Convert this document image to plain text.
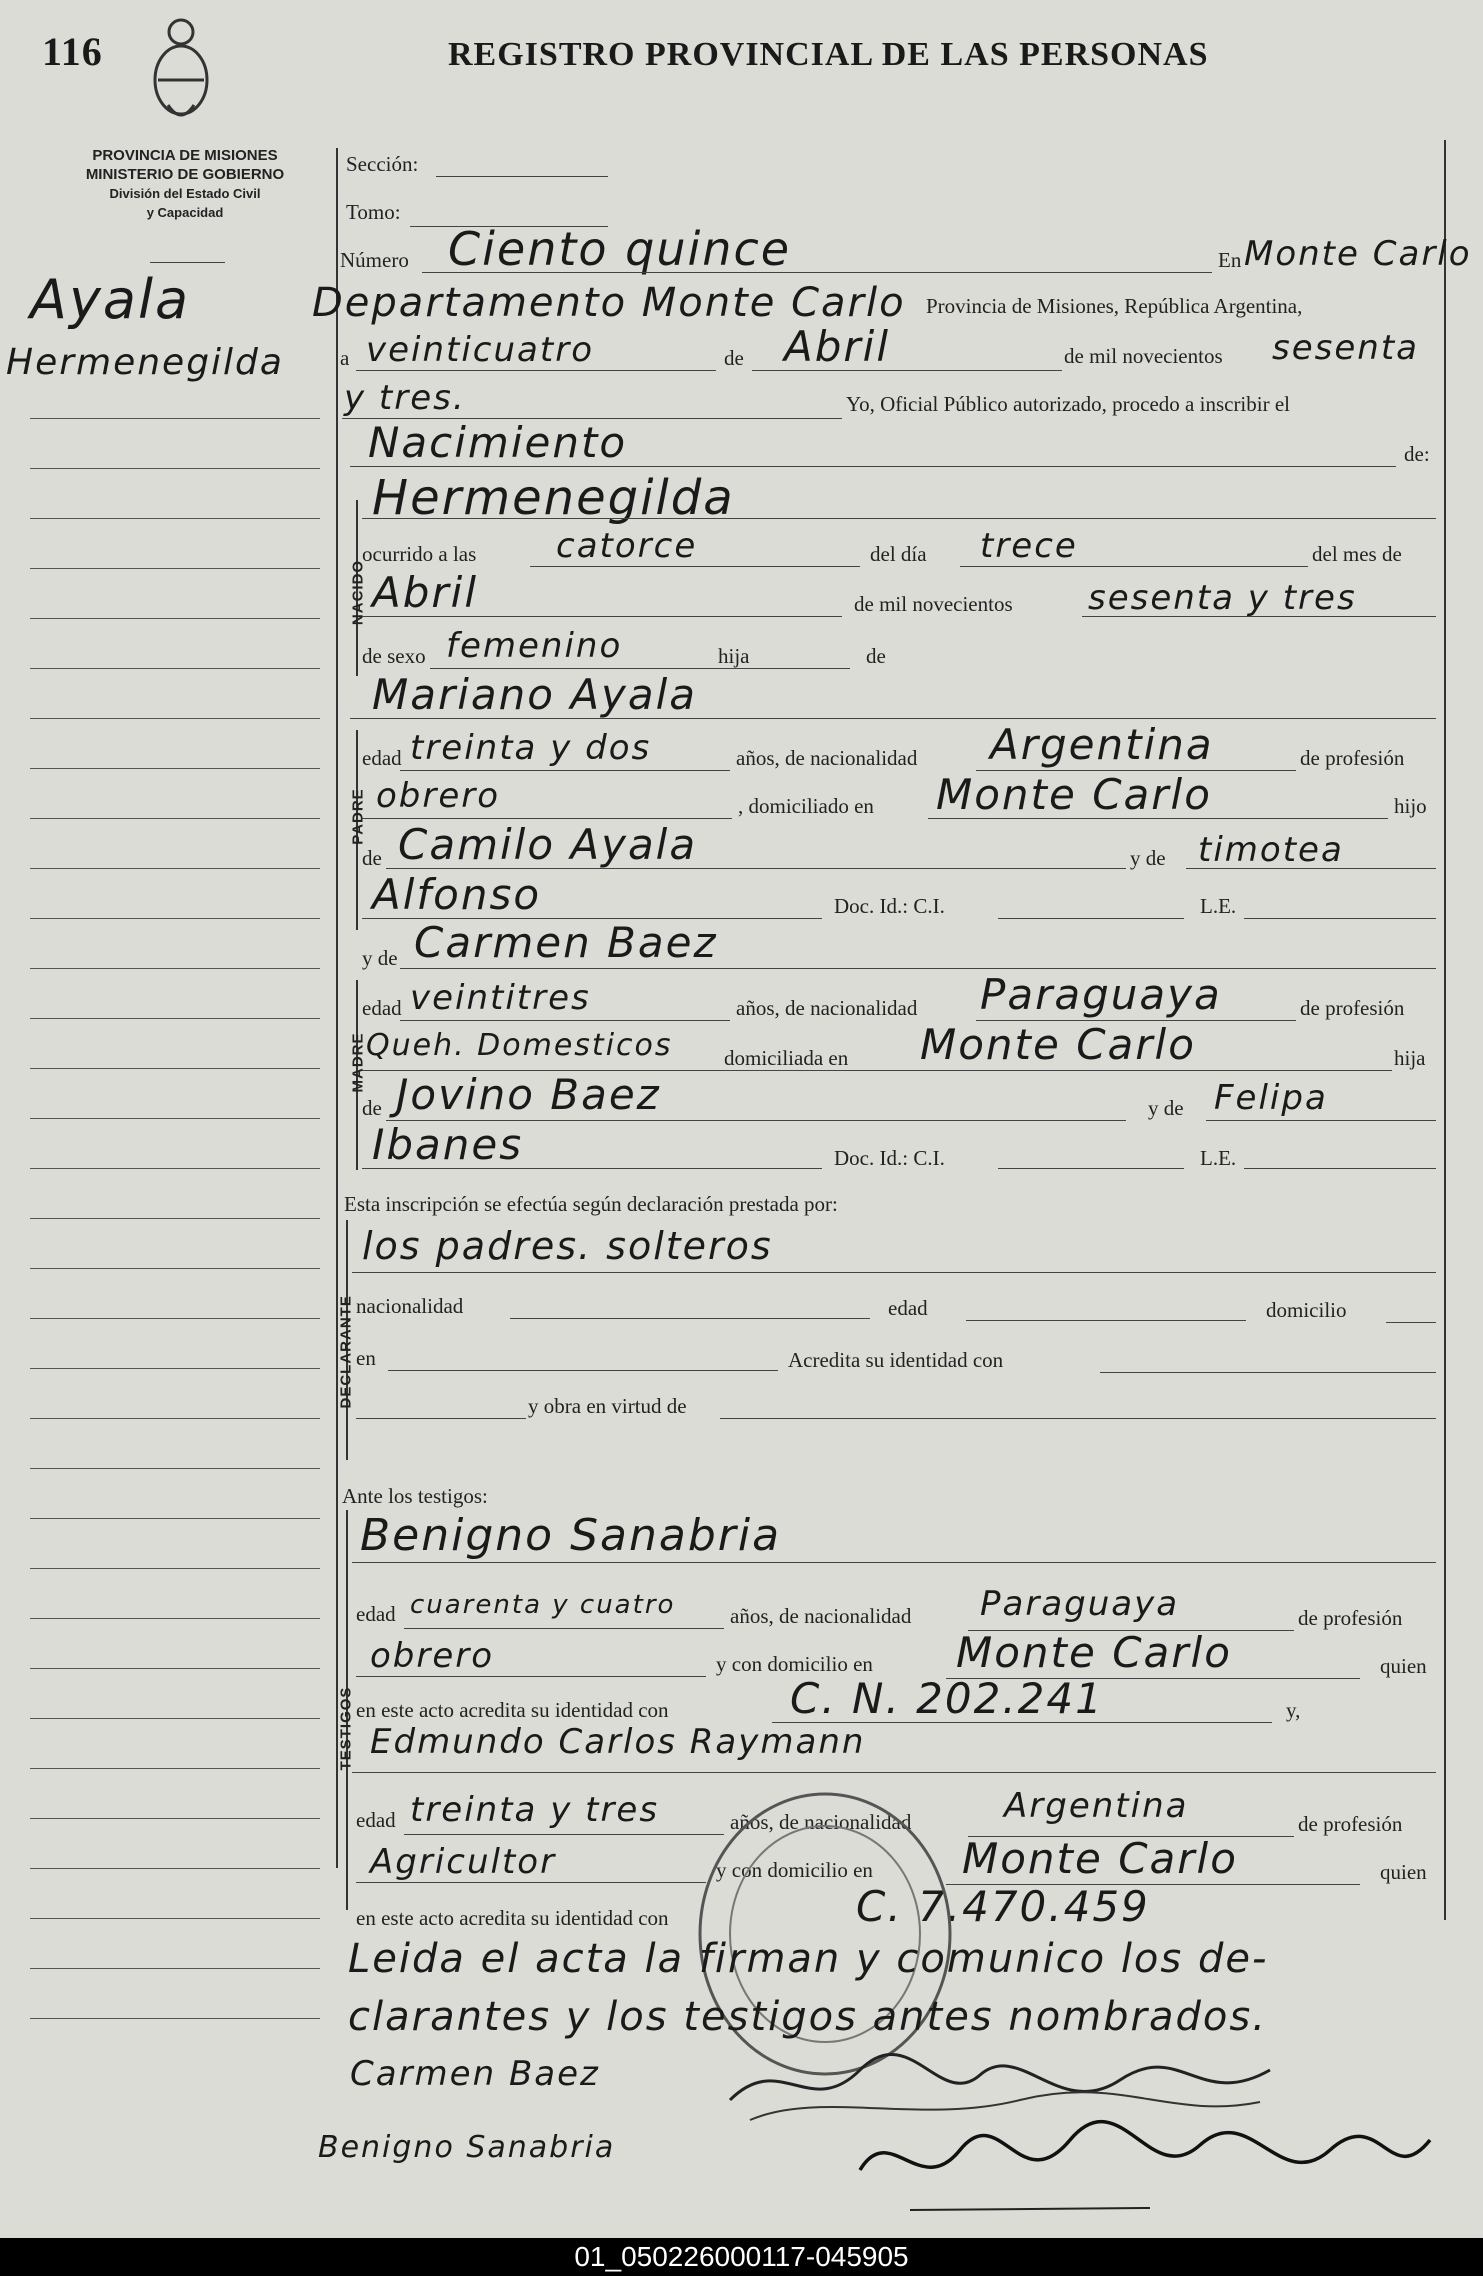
116	REGISTRO PROVINCIAL DE LAS PERSONAS
PROVINCIA DE MISIONES
MINISTERIO DE GOBIERNO
División del Estado Civil
y Capacidad
Ayala
Hermenegilda
Sección:
Tomo:
Número Ciento quince	En Monte Carlo
Departamento Monte Carlo Provincia de Misiones, República Argentina,
a veinticuatro	de Abril	de mil novecientos sesenta
y tres.	Yo, Oficial Público autorizado, procedo a inscribir el
Nacimiento	de:
NACIDO
Hermenegilda
ocurrido a las catorce	del día trece	del mes de
Abril	de mil novecientos sesenta y tres
de sexo femenino	hija	de
Mariano Ayala
PADRE
edad treinta y dos	años, de nacionalidad Argentina	de profesión
obrero	, domiciliado en Monte Carlo	hijo
de Camilo Ayala	y de timotea
Alfonso	Doc. Id.: C.I.	L.E.
y de Carmen Baez
MADRE
edad veintitres	años, de nacionalidad Paraguaya	de profesión
Queh. Domesticos domiciliada en Monte Carlo	hija
de Jovino Baez	y de Felipa
Ibanes	Doc. Id.: C.I.	L.E.
Esta inscripción se efectúa según declaración prestada por:
DECLARANTE
los padres. solteros
nacionalidad	edad	domicilio
en	Acredita su identidad con
y obra en virtud de
Ante los testigos:
TESTIGOS
Benigno Sanabria
edad cuarenta y cuatro	años, de nacionalidad Paraguaya	de profesión
obrero	y con domicilio en Monte Carlo	quien
en este acto acredita su identidad con	C. N. 202.241	y,
Edmundo Carlos Raymann
edad treinta y tres	años, de nacionalidad	Argentina	de profesión
Agricultor	y con domicilio en Monte Carlo	quien
en este acto acredita su identidad con	C. 7.470.459
Leida el acta la firman y comunico los de-
clarantes y los testigos antes nombrados.
Carmen Baez
Benigno Sanabria
01_050226000117-045905
